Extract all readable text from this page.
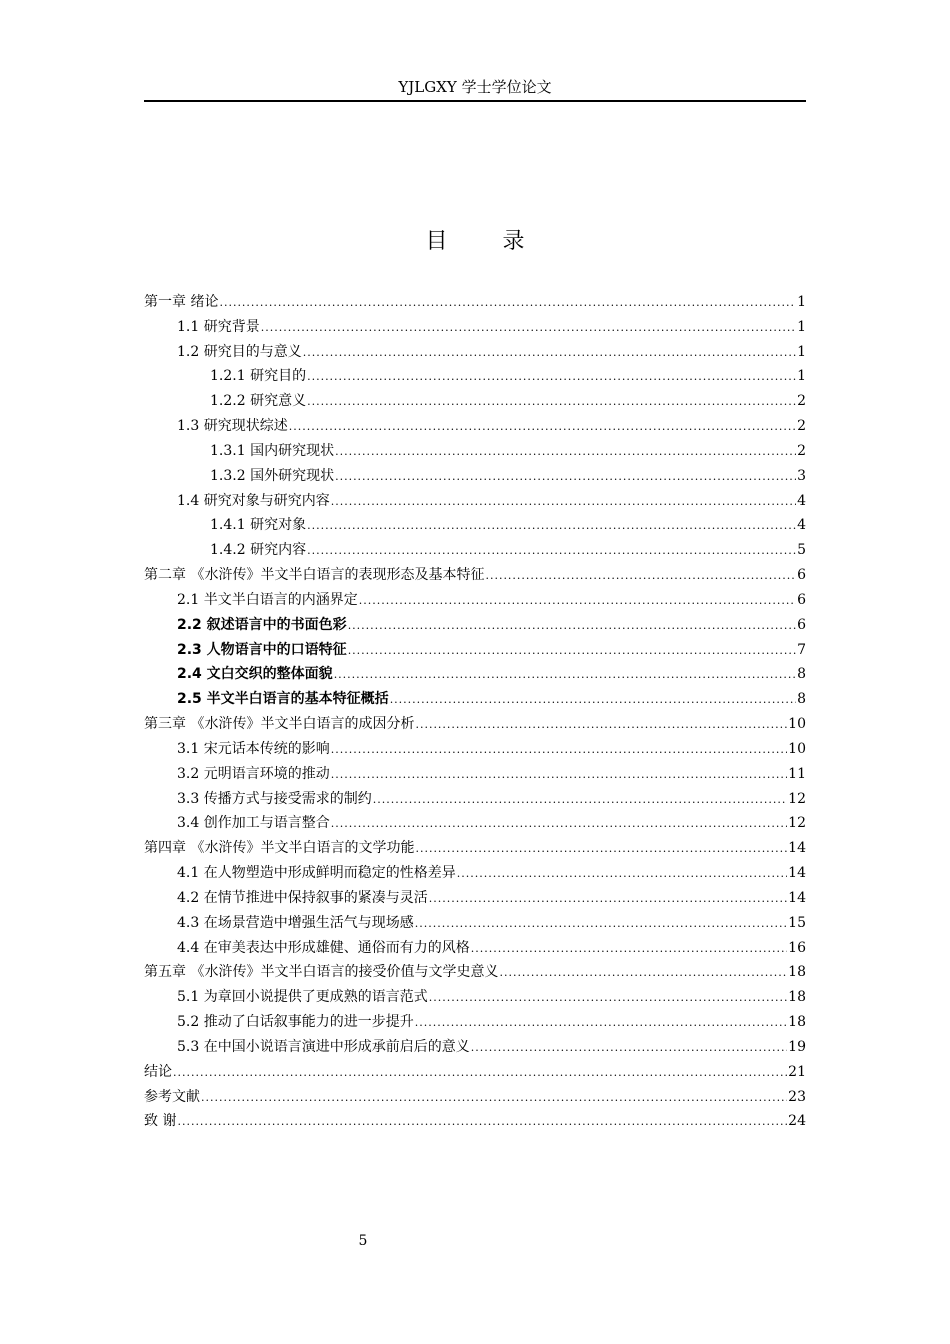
YJLGXY 学士学位论文
目 录
第一章 绪论 .....	1
1.1 研究背景 .....	1
1.2 研究目的与意义 .....	1
1.2.1 研究目的 .....	1
1.2.2 研究意义 .....	2
1.3 研究现状综述 .....	2
1.3.1 国内研究现状 .....	2
1.3.2 国外研究现状 .....	3
1.4 研究对象与研究内容 .....	4
1.4.1 研究对象 .....	4
1.4.2 研究内容 .....	5
第二章 《水浒传》半文半白语言的表现形态及基本特征 .....	6
2.1 半文半白语言的内涵界定 .....	6
2.2 叙述语言中的书面色彩 .....	6
2.3 人物语言中的口语特征 .....	7
2.4 文白交织的整体面貌 .....	8
2.5 半文半白语言的基本特征概括 .....	8
第三章 《水浒传》半文半白语言的成因分析 .....	10
3.1 宋元话本传统的影响 .....	10
3.2 元明语言环境的推动 .....	11
3.3 传播方式与接受需求的制约 .....	12
3.4 创作加工与语言整合 .....	12
第四章 《水浒传》半文半白语言的文学功能 .....	14
4.1 在人物塑造中形成鲜明而稳定的性格差异 .....	14
4.2 在情节推进中保持叙事的紧凑与灵活 .....	14
4.3 在场景营造中增强生活气与现场感 .....	15
4.4 在审美表达中形成雄健、通俗而有力的风格 .....	16
第五章 《水浒传》半文半白语言的接受价值与文学史意义 .....	18
5.1 为章回小说提供了更成熟的语言范式 .....	18
5.2 推动了白话叙事能力的进一步提升 .....	18
5.3 在中国小说语言演进中形成承前启后的意义 .....	19
结论 .....	21
参考文献 .....	23
致 谢 .....	24
5
